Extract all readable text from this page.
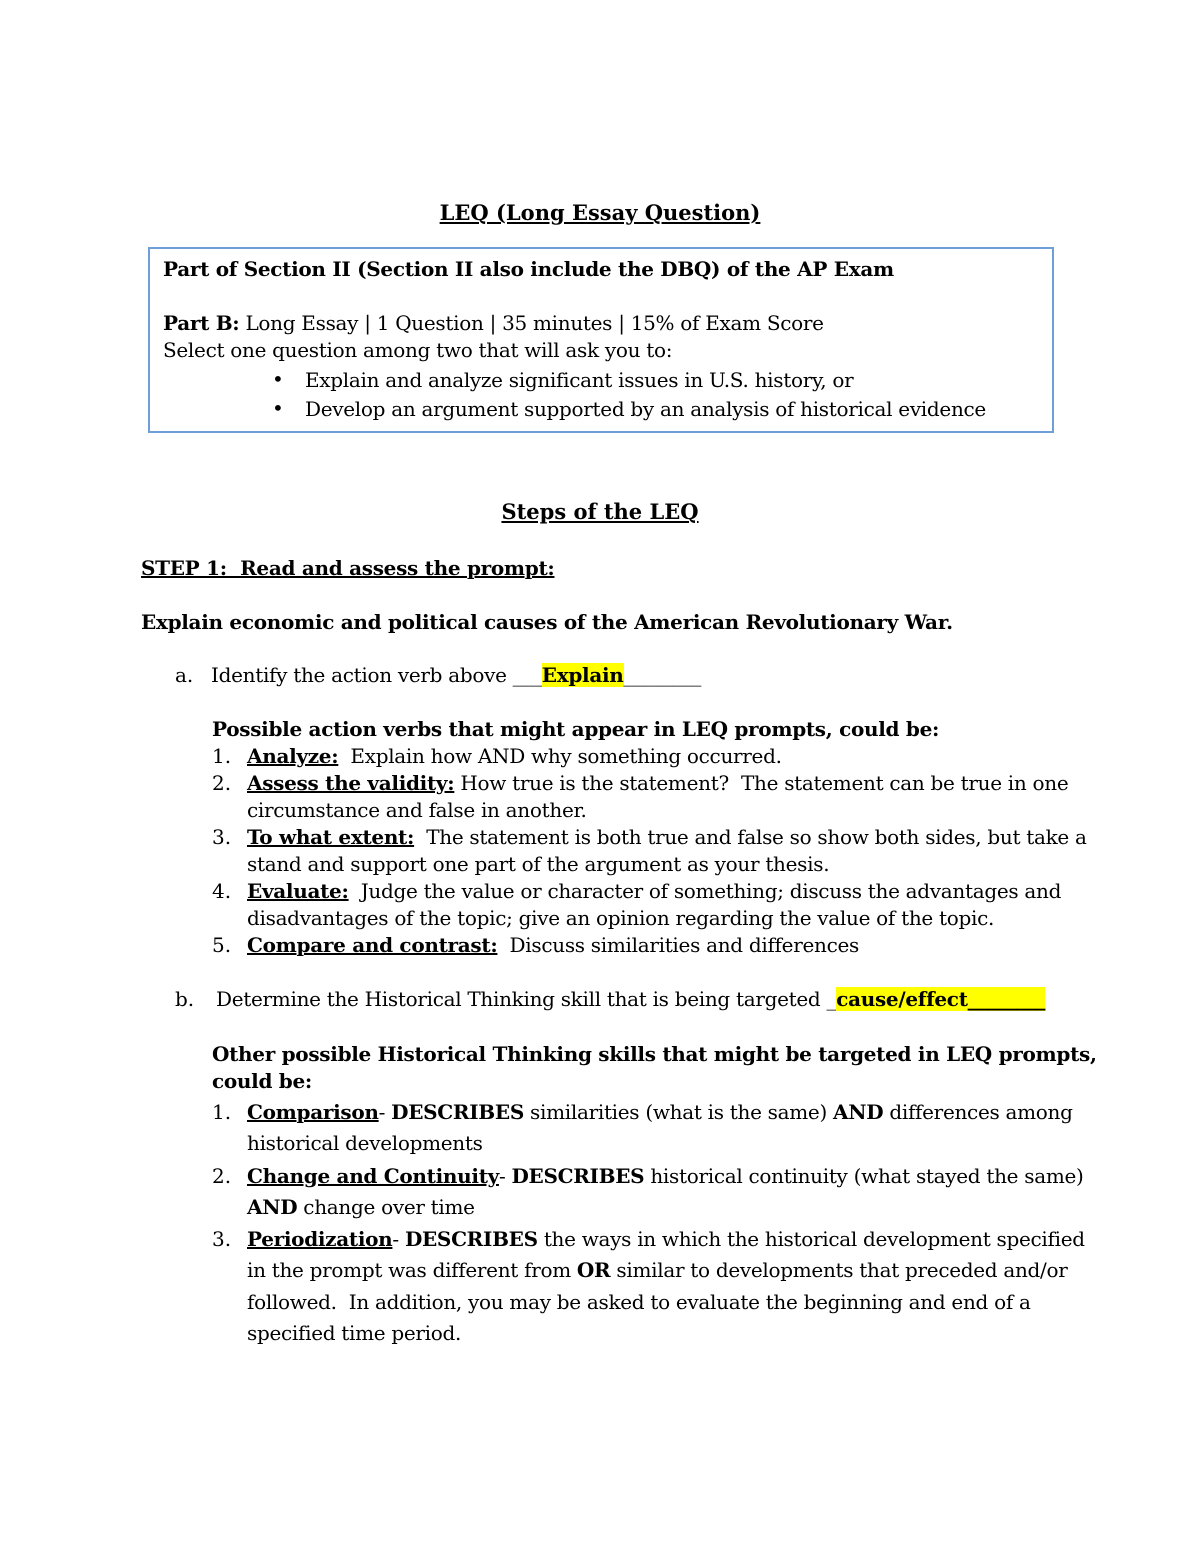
LEQ (Long Essay Question)
Part of Section II (Section II also include the DBQ) of the AP Exam
Part B: Long Essay | 1 Question | 35 minutes | 15% of Exam Score
Select one question among two that will ask you to:
• Explain and analyze significant issues in U.S. history, or
• Develop an argument supported by an analysis of historical evidence
Steps of the LEQ
STEP 1:  Read and assess the prompt:
Explain economic and political causes of the American Revolutionary War.
a. Identify the action verb above ___Explain________
Possible action verbs that might appear in LEQ prompts, could be:
1. Analyze:  Explain how AND why something occurred.
2. Assess the validity: How true is the statement?  The statement can be true in one
circumstance and false in another.
3. To what extent:  The statement is both true and false so show both sides, but take a
stand and support one part of the argument as your thesis.
4. Evaluate:  Judge the value or character of something; discuss the advantages and
disadvantages of the topic; give an opinion regarding the value of the topic.
5. Compare and contrast:  Discuss similarities and differences
b. Determine the Historical Thinking skill that is being targeted _cause/effect________
Other possible Historical Thinking skills that might be targeted in LEQ prompts,
could be:
1. Comparison- DESCRIBES similarities (what is the same) AND differences among
historical developments
2. Change and Continuity- DESCRIBES historical continuity (what stayed the same)
AND change over time
3. Periodization- DESCRIBES the ways in which the historical development specified
in the prompt was different from OR similar to developments that preceded and/or
followed.  In addition, you may be asked to evaluate the beginning and end of a
specified time period.
